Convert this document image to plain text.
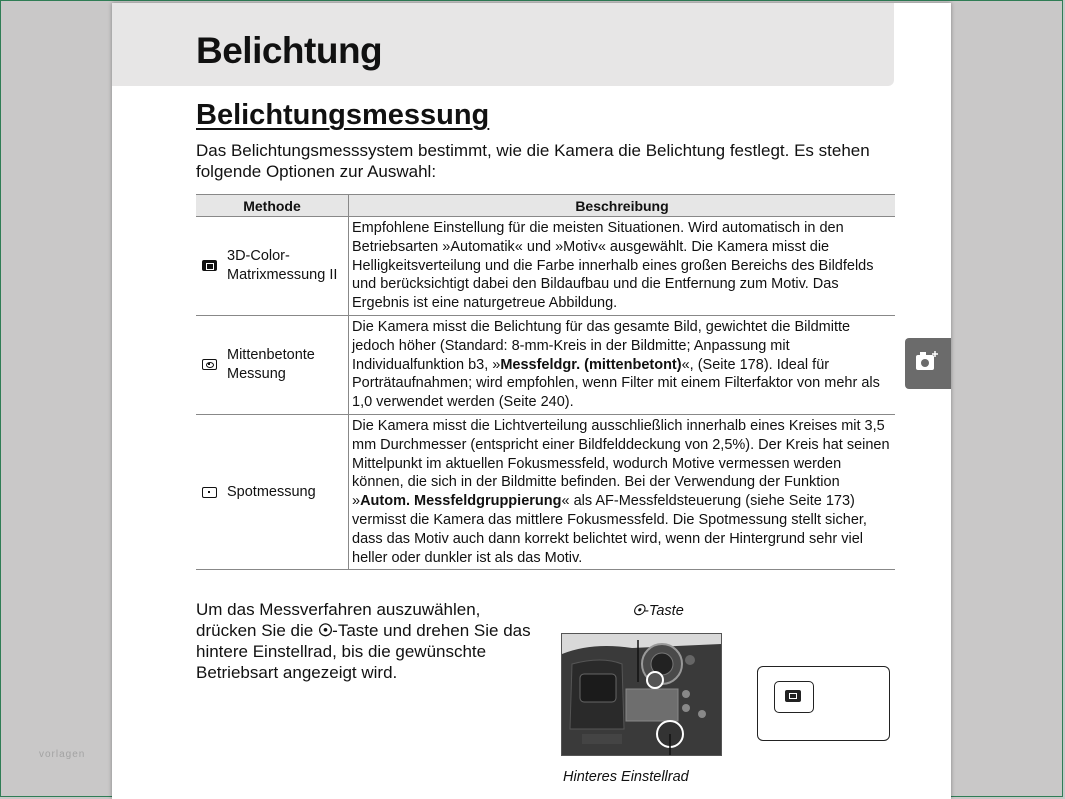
Belichtung
Belichtungsmessung
Das Belichtungsmesssystem bestimmt, wie die Kamera die Belichtung festlegt. Es stehen folgende Optionen zur Auswahl:
Methode	Beschreibung

3D-Color-Matrixmessung II	Empfohlene Einstellung für die meisten Situationen. Wird automatisch in den Betriebsarten »Automatik« und »Motiv« ausgewählt. Die Kamera misst die Helligkeitsverteilung und die Farbe innerhalb eines großen Bereichs des Bildfelds und berücksichtigt dabei den Bildaufbau und die Entfernung zum Motiv. Das Ergebnis ist eine naturgetreue Abbildung.

Mittenbetonte Messung	Die Kamera misst die Belichtung für das gesamte Bild, gewichtet die Bildmitte jedoch höher (Standard: 8-mm-Kreis in der Bildmitte; Anpassung mit Individualfunktion b3, »Messfeldgr. (mittenbetont)«, (Seite 178). Ideal für Porträtaufnahmen; wird empfohlen, wenn Filter mit einem Filterfaktor von mehr als 1,0 verwendet werden (Seite 240).

Spotmessung	Die Kamera misst die Lichtverteilung ausschließlich innerhalb eines Kreises mit 3,5 mm Durchmesser (entspricht einer Bildfelddeckung von 2,5%). Der Kreis hat seinen Mittelpunkt im aktuellen Fokusmessfeld, wodurch Motive vermessen werden können, die sich in der Bildmitte befinden. Bei der Verwendung der Funktion »Autom. Messfeldgruppierung« als AF-Messfeldsteuerung (siehe Seite 173) vermisst die Kamera das mittlere Fokusmessfeld. Die Spotmessung stellt sicher, dass das Motiv auch dann korrekt belichtet wird, wenn der Hintergrund sehr viel heller oder dunkler ist als das Motiv.
Um das Messverfahren auszuwählen, drücken Sie die ☉-Taste und drehen Sie das hintere Einstellrad, bis die gewünschte Betriebsart angezeigt wird.
☉-Taste
Hinteres Einstellrad
vorlagen
